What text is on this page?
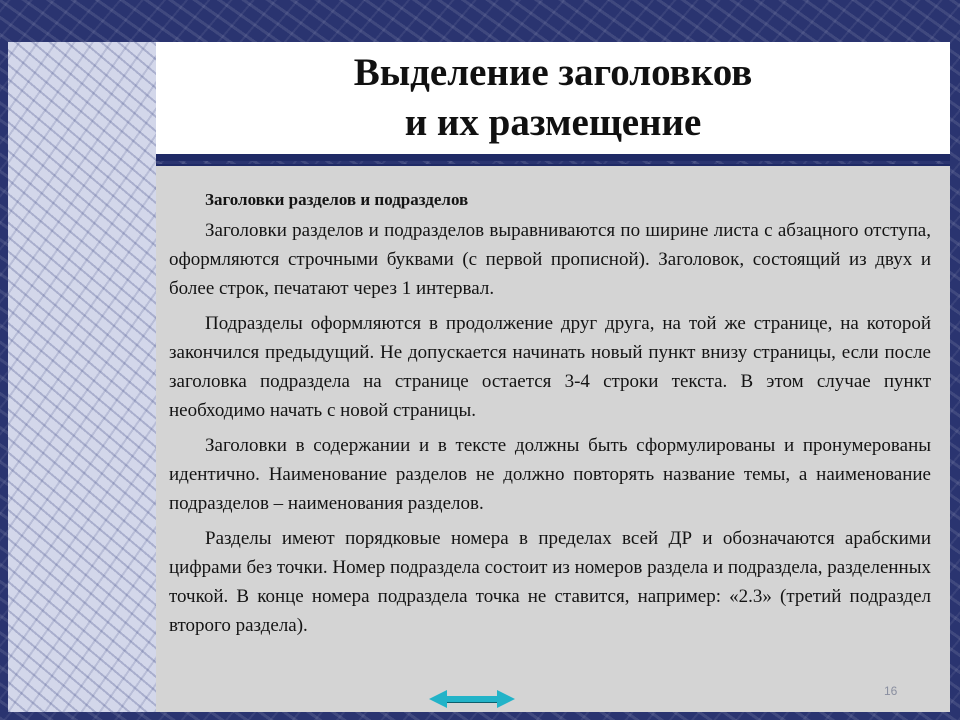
Выделение заголовков
и их размещение

Заголовки разделов и подразделов

Заголовки разделов и подразделов выравниваются по ширине листа с абзацного отступа, оформляются строчными буквами (с первой прописной). Заголовок, состоящий из двух и более строк, печатают через 1 интервал.

Подразделы оформляются в продолжение друг друга, на той же странице, на которой закончился предыдущий. Не допускается начинать новый пункт внизу страницы, если после заголовка подраздела на странице остается 3-4 строки текста. В этом случае пункт необходимо начать с новой страницы.

Заголовки в содержании и в тексте должны быть сформулированы и пронумерованы идентично. Наименование разделов не должно повторять название темы, а наименование подразделов – наименования разделов.

Разделы имеют порядковые номера в пределах всей ДР и обозначаются арабскими цифрами без точки. Номер подраздела состоит из номеров раздела и подраздела, разделенных точкой. В конце номера подраздела точка не ставится, например: «2.3» (третий подраздел второго раздела).

16
